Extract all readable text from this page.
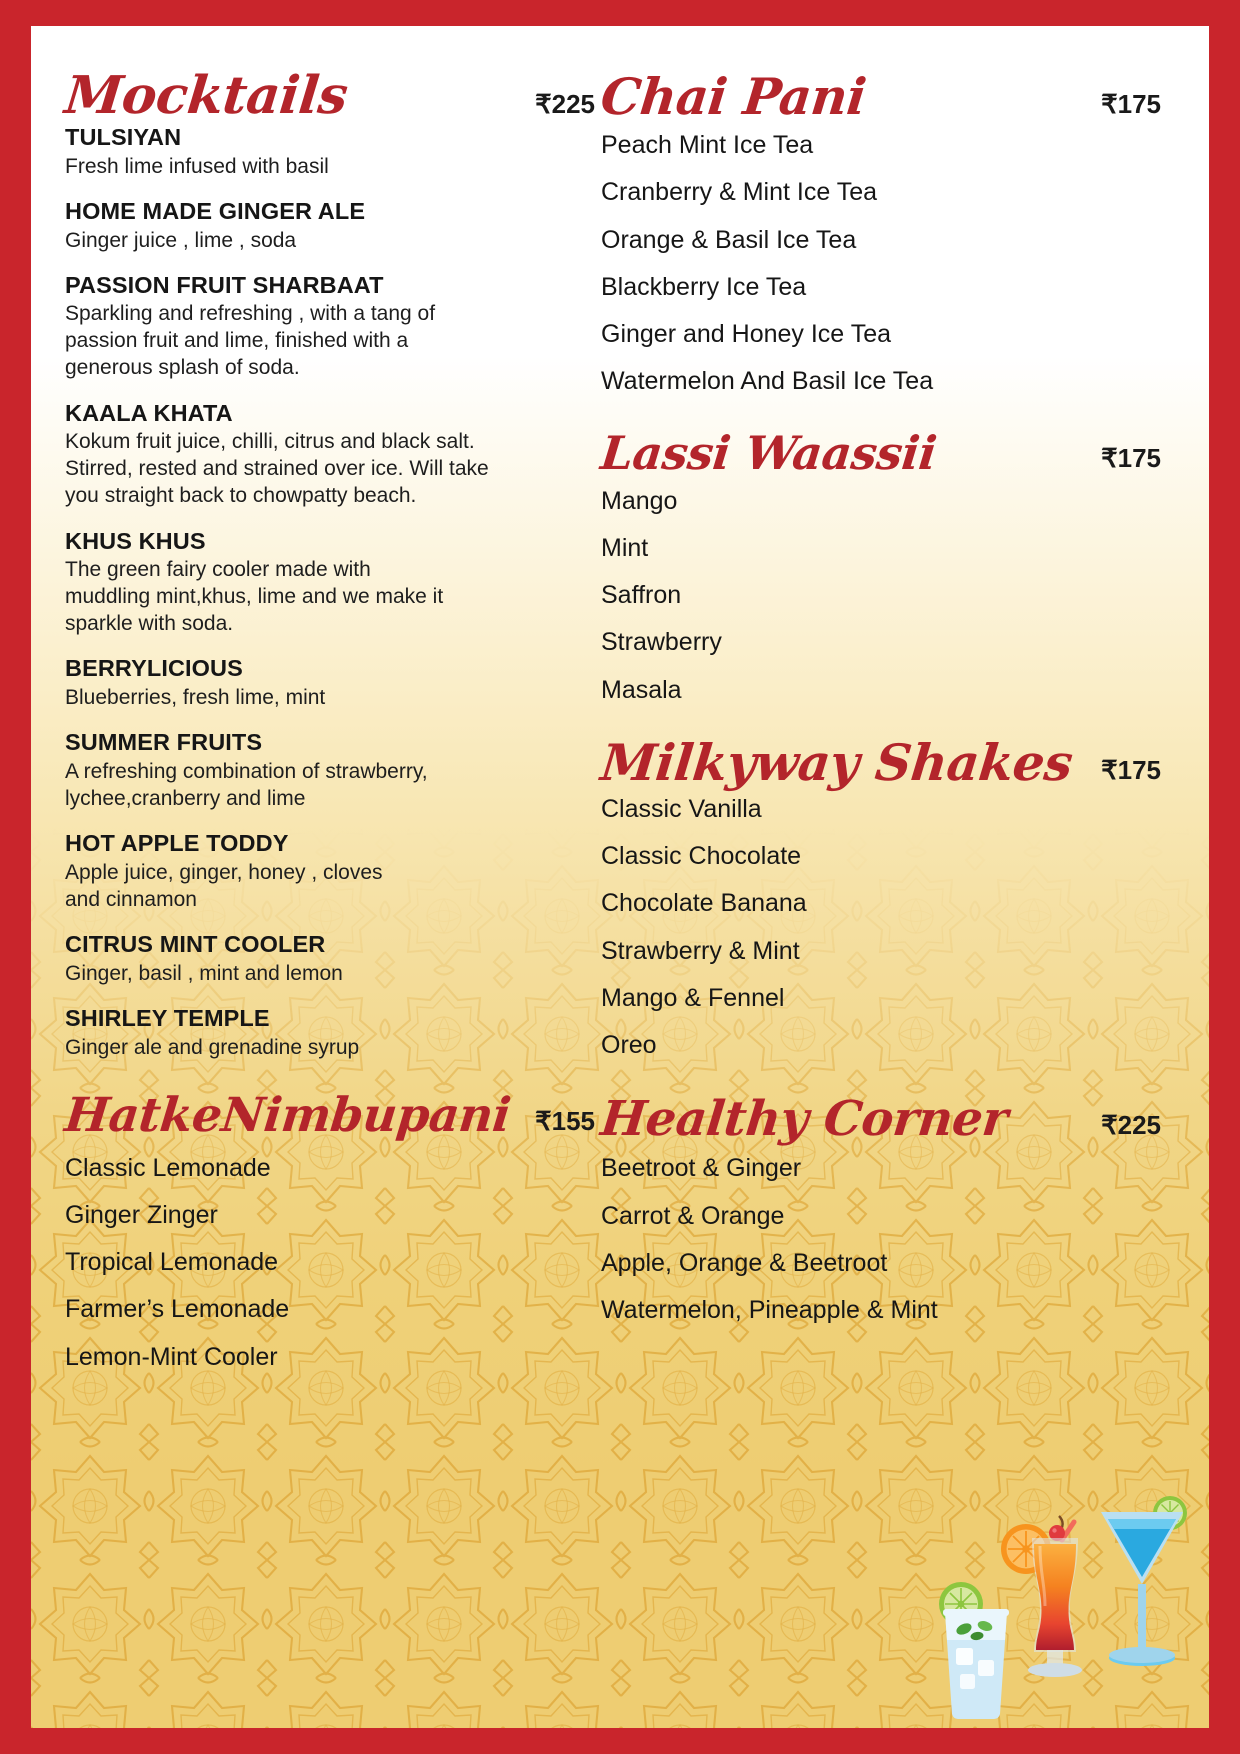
Mocktails	₹225
TULSIYAN
Fresh lime infused with basil
HOME MADE GINGER ALE
Ginger juice , lime , soda
PASSION FRUIT SHARBAAT
Sparkling and refreshing , with a tang of passion fruit and lime, finished with a generous splash of soda.
KAALA KHATA
Kokum fruit juice, chilli, citrus and black salt. Stirred, rested and strained over ice. Will take you straight back to chowpatty beach.
KHUS KHUS
The green fairy cooler made with muddling mint,khus, lime and we make it sparkle with soda.
BERRYLICIOUS
Blueberries, fresh lime, mint
SUMMER FRUITS
A refreshing combination of strawberry, lychee,cranberry and lime
HOT APPLE TODDY
Apple juice, ginger, honey , cloves and cinnamon
CITRUS MINT COOLER
Ginger, basil , mint and lemon
SHIRLEY TEMPLE
Ginger ale and grenadine syrup
HatkeNimbupani ₹155
Classic Lemonade
Ginger Zinger
Tropical Lemonade
Farmer’s Lemonade
Lemon-Mint Cooler
Chai Pani	₹175
Peach Mint Ice Tea
Cranberry & Mint Ice Tea
Orange & Basil Ice Tea
Blackberry Ice Tea
Ginger and Honey Ice Tea
Watermelon And Basil Ice Tea
Lassi Waassii	₹175
Mango
Mint
Saffron
Strawberry
Masala
Milkyway Shakes ₹175
Classic Vanilla
Classic Chocolate
Chocolate Banana
Strawberry & Mint
Mango & Fennel
Oreo
Healthy Corner	₹225
Beetroot & Ginger
Carrot & Orange
Apple, Orange & Beetroot
Watermelon, Pineapple & Mint
